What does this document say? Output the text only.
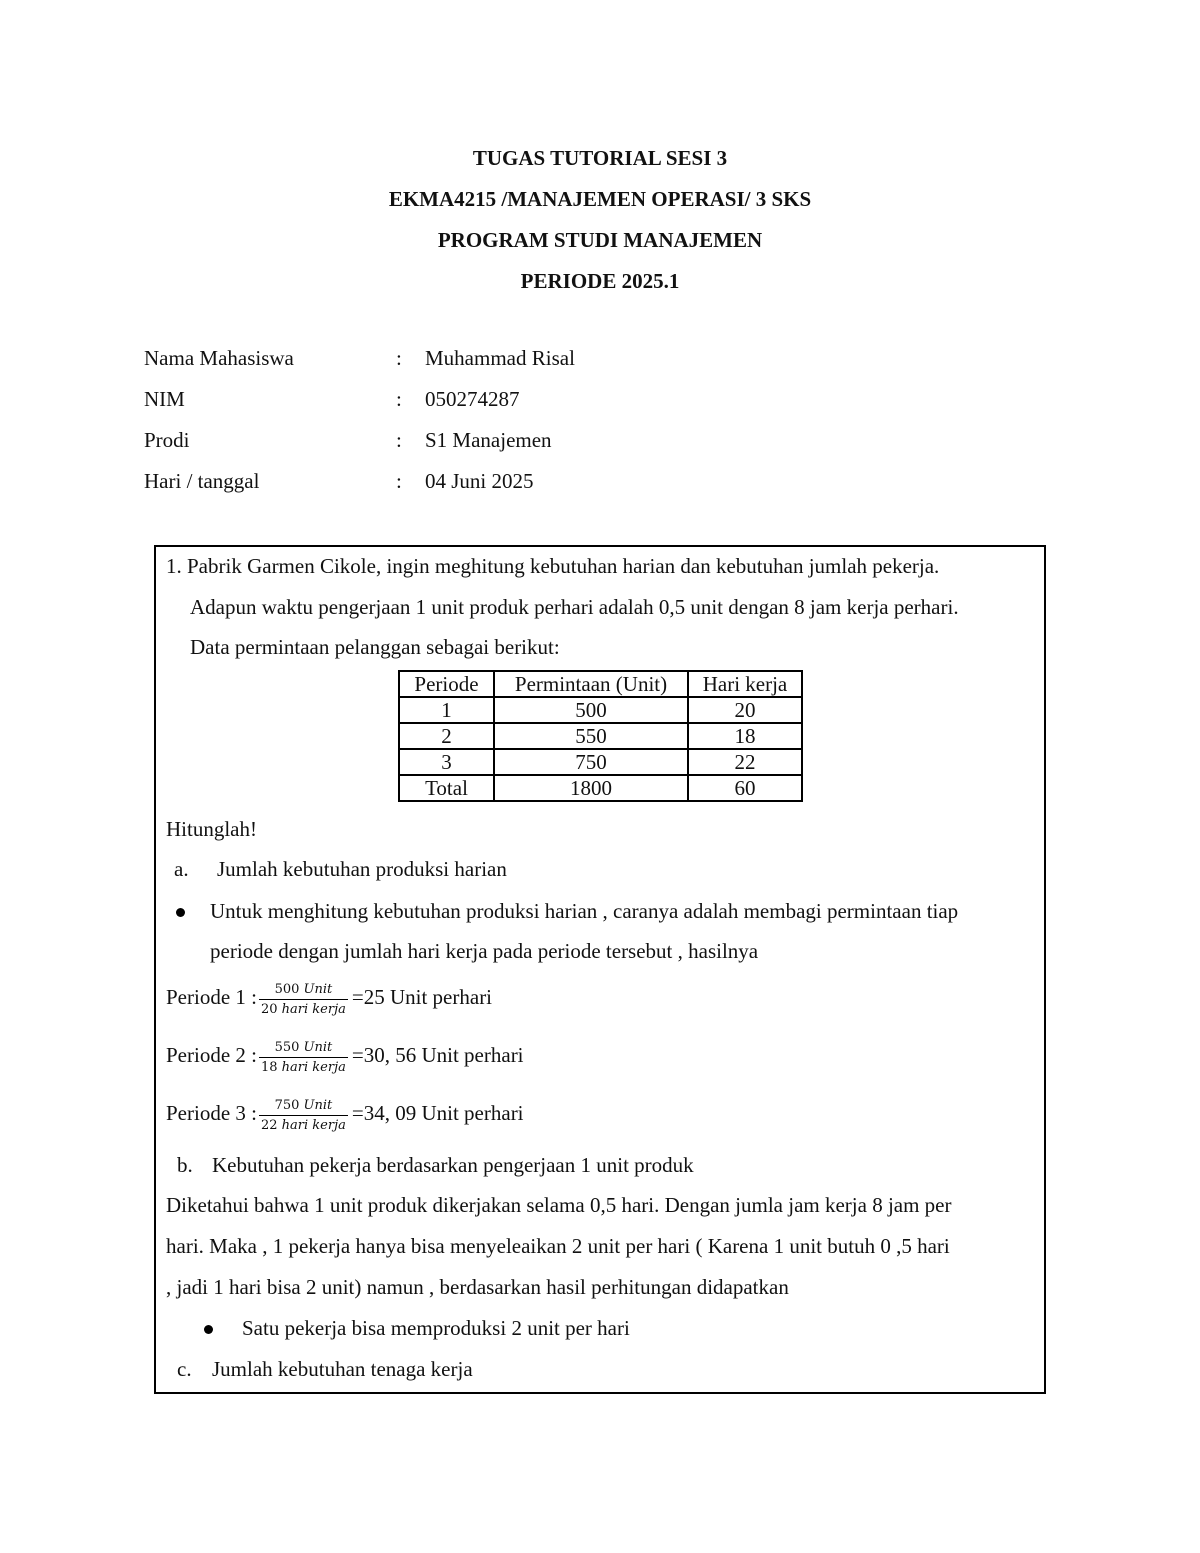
TUGAS TUTORIAL SESI 3
EKMA4215 /MANAJEMEN OPERASI/ 3 SKS
PROGRAM STUDI MANAJEMEN
PERIODE 2025.1
Nama Mahasiswa	: Muhammad Risal
NIM	: 050274287
Prodi	: S1 Manajemen
Hari / tanggal	: 04 Juni 2025
1. Pabrik Garmen Cikole, ingin meghitung kebutuhan harian dan kebutuhan jumlah pekerja.
Adapun waktu pengerjaan 1 unit produk perhari adalah 0,5 unit dengan 8 jam kerja perhari.
Data permintaan pelanggan sebagai berikut:
Periode	Permintaan (Unit)	Hari kerja
1	500	20
2	550	18
3	750	22
Total	1800	60
Hitunglah!
a. Jumlah kebutuhan produksi harian
Untuk menghitung kebutuhan produksi harian , caranya adalah membagi permintaan tiap
periode dengan jumlah hari kerja pada periode tersebut , hasilnya
Periode 1 : $\frac{\text{500 Unit}}{\text{20 hari kerja}} =25$ Unit perhari
Periode 2 : $\frac{\text{550 Unit}}{\text{18 hari kerja}} =30$, 56 Unit perhari
Periode 3 : $\frac{\text{750 Unit}}{\text{22 hari kerja}} =34$, 09 Unit perhari
b. Kebutuhan pekerja berdasarkan pengerjaan 1 unit produk
Diketahui bahwa 1 unit produk dikerjakan selama 0,5 hari. Dengan jumla jam kerja 8 jam per
hari. Maka , 1 pekerja hanya bisa menyeleaikan 2 unit per hari ( Karena 1 unit butuh 0 ,5 hari
, jadi 1 hari bisa 2 unit) namun , berdasarkan hasil perhitungan didapatkan
Satu pekerja bisa memproduksi 2 unit per hari
c. Jumlah kebutuhan tenaga kerja
